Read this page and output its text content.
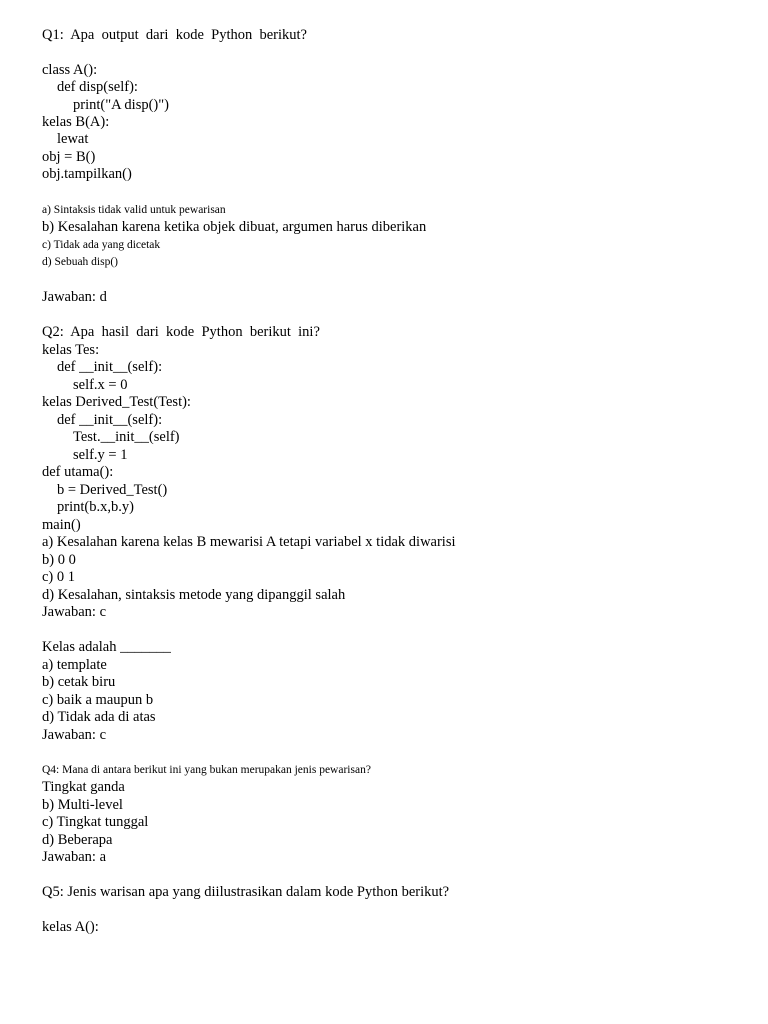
Q1:  Apa  output  dari  kode  Python  berikut?
class A():
def disp(self):
print("A disp()")
kelas B(A):
lewat
obj = B()
obj.tampilkan()
a) Sintaksis tidak valid untuk pewarisan
b) Kesalahan karena ketika objek dibuat, argumen harus diberikan
c) Tidak ada yang dicetak
d) Sebuah disp()
Jawaban: d
Q2:  Apa  hasil  dari  kode  Python  berikut  ini?
kelas Tes:
def __init__(self):
self.x = 0
kelas Derived_Test(Test):
def __init__(self):
Test.__init__(self)
self.y = 1
def utama():
b = Derived_Test()
print(b.x,b.y)
main()
a) Kesalahan karena kelas B mewarisi A tetapi variabel x tidak diwarisi
b) 0 0
c) 0 1
d) Kesalahan, sintaksis metode yang dipanggil salah
Jawaban: c
Kelas adalah _______
a) template
b) cetak biru
c) baik a maupun b
d) Tidak ada di atas
Jawaban: c
Q4: Mana di antara berikut ini yang bukan merupakan jenis pewarisan?
Tingkat ganda
b) Multi-level
c) Tingkat tunggal
d) Beberapa
Jawaban: a
Q5: Jenis warisan apa yang diilustrasikan dalam kode Python berikut?
kelas A():
